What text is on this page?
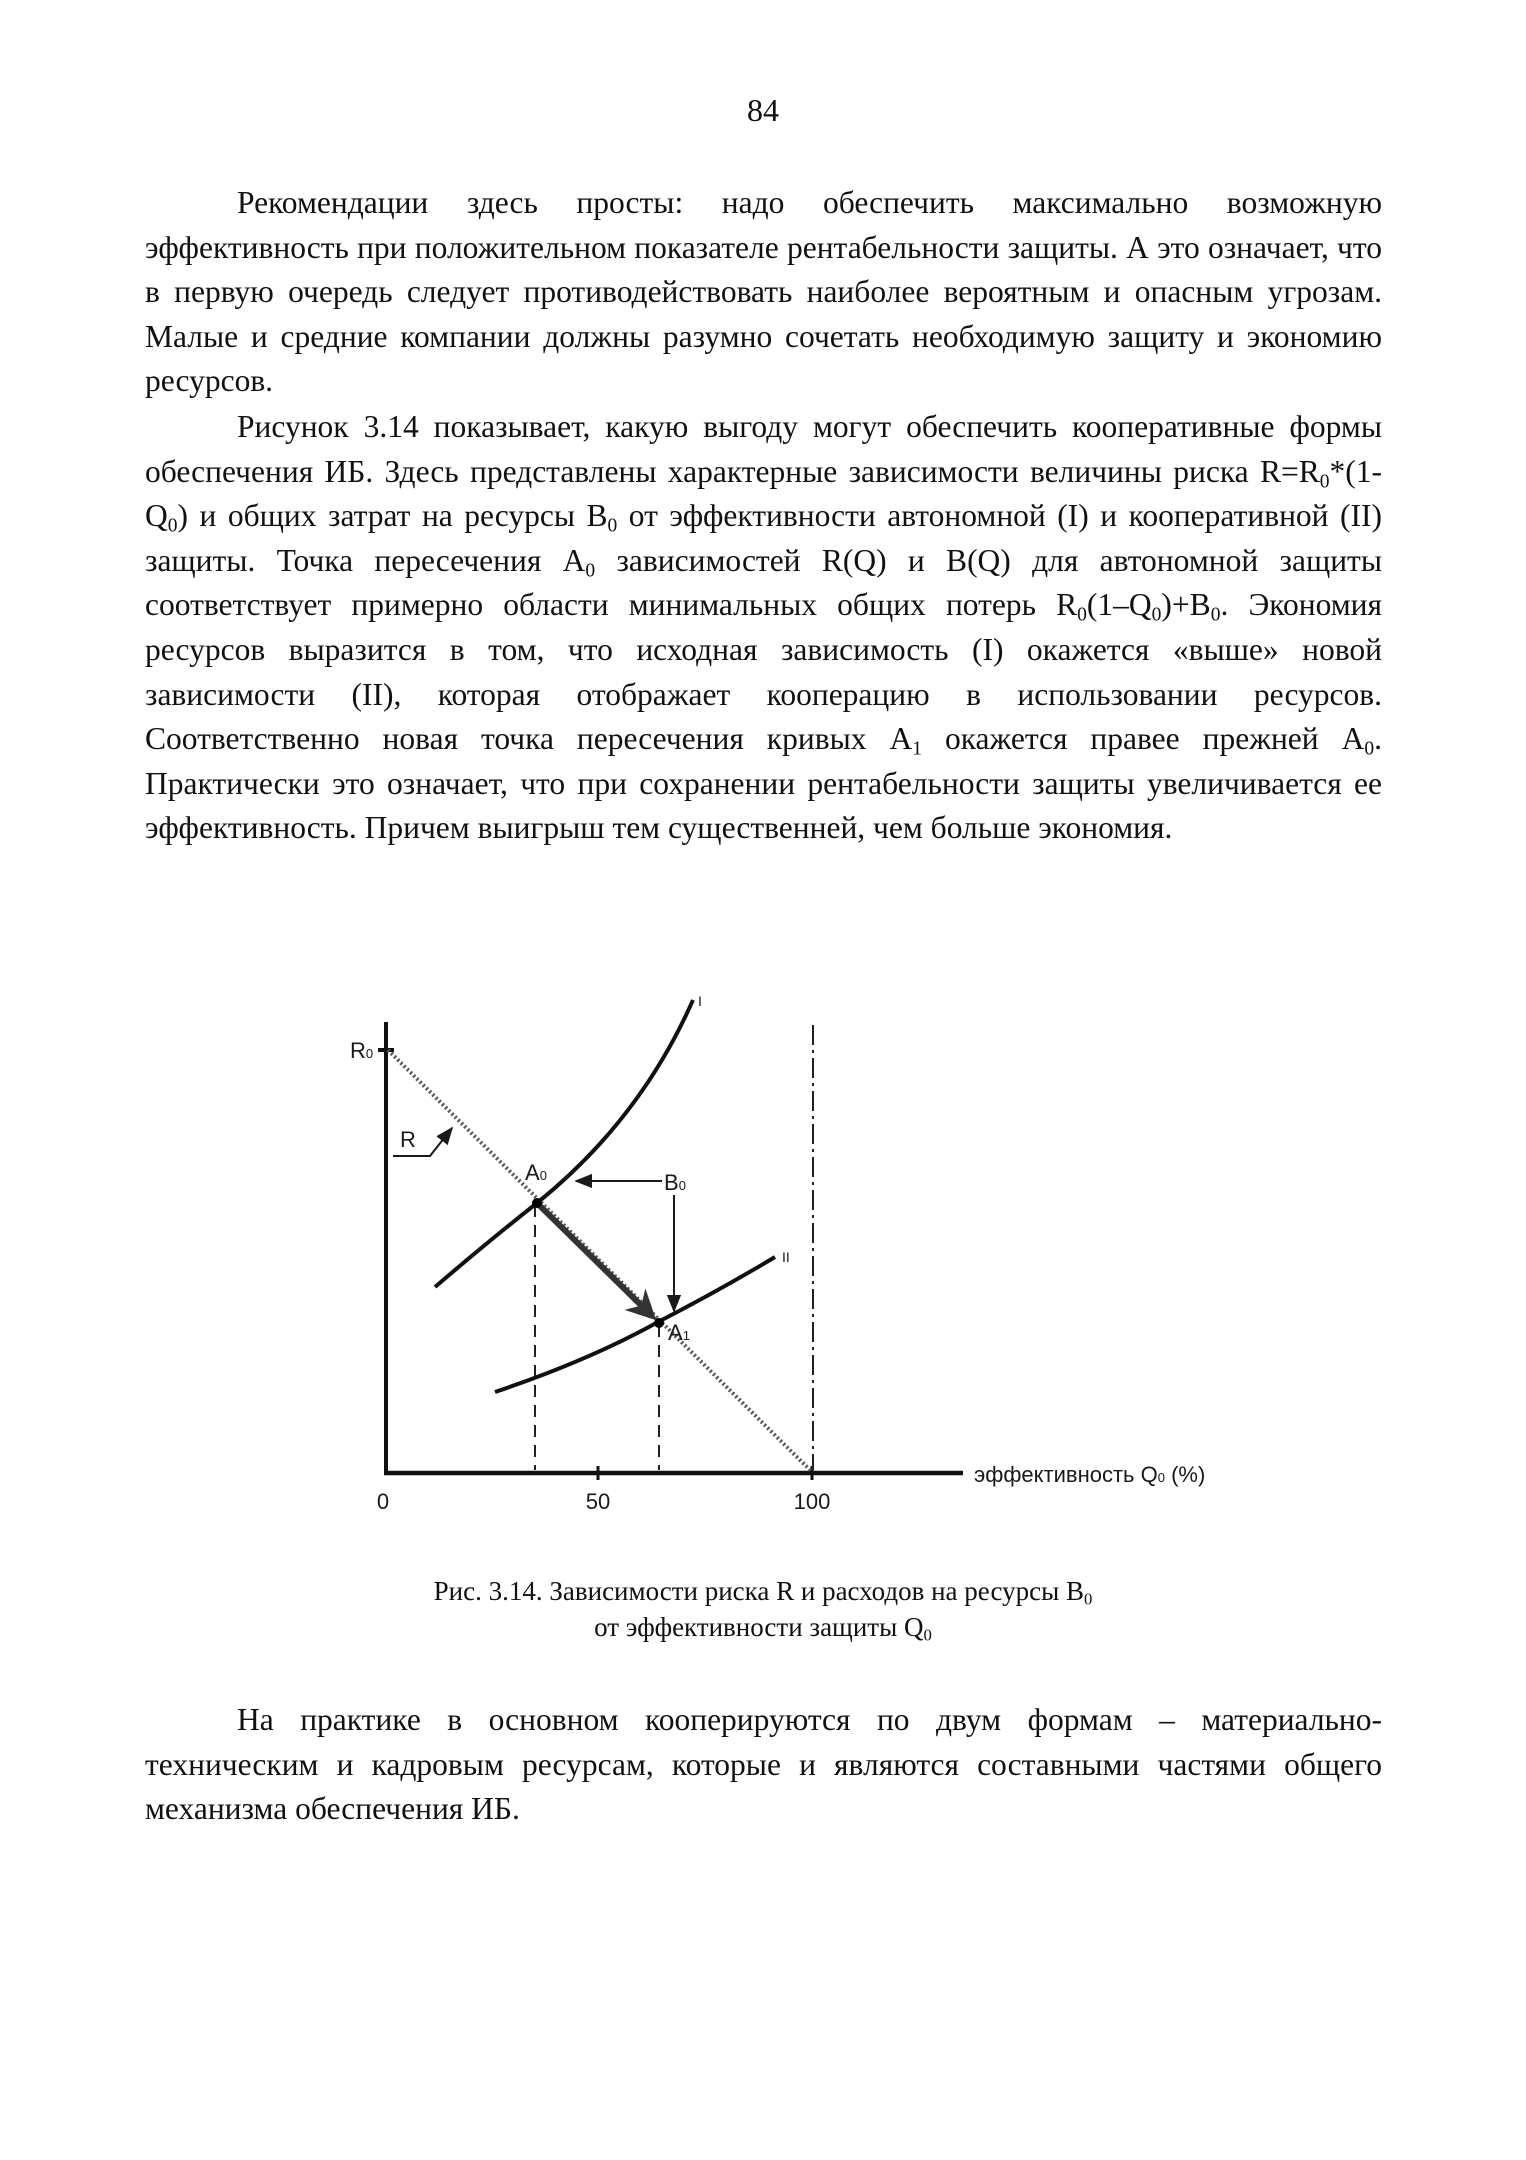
84

Рекомендации здесь просты: надо обеспечить максимально возможную эффективность при положительном показателе рентабельности защиты. А это означает, что в первую очередь следует противодействовать наиболее вероятным и опасным угрозам. Малые и средние компании должны разумно сочетать необходимую защиту и экономию ресурсов.

Рисунок 3.14 показывает, какую выгоду могут обеспечить кооперативные формы обеспечения ИБ. Здесь представлены характерные зависимости величины риска $R=R_0*(1-Q_0)$ и общих затрат на ресурсы $B_0$ от эффективности автономной (I) и кооперативной (II) защиты. Точка пересечения $A_0$ зависимостей R(Q) и B(Q) для автономной защиты соответствует примерно области минимальных общих потерь $R_0(1-Q_0)+B_0$. Экономия ресурсов выразится в том, что исходная зависимость (I) окажется «выше» новой зависимости (II), которая отображает кооперацию в использовании ресурсов. Соответственно новая точка пересечения кривых $A_1$ окажется правее прежней $A_0$. Практически это означает, что при сохранении рентабельности защиты увеличивается ее эффективность. Причем выигрыш тем существенней, чем больше экономия.

R0
R
A0
A1
B0
I
II
0	50	100
эффективность Q0 (%)
Рис. 3.14. Зависимости риска R и расходов на ресурсы $B_0$
от эффективности защиты $Q_0$

На практике в основном кооперируются по двум формам – материально-техническим и кадровым ресурсам, которые и являются составными частями общего механизма обеспечения ИБ.
